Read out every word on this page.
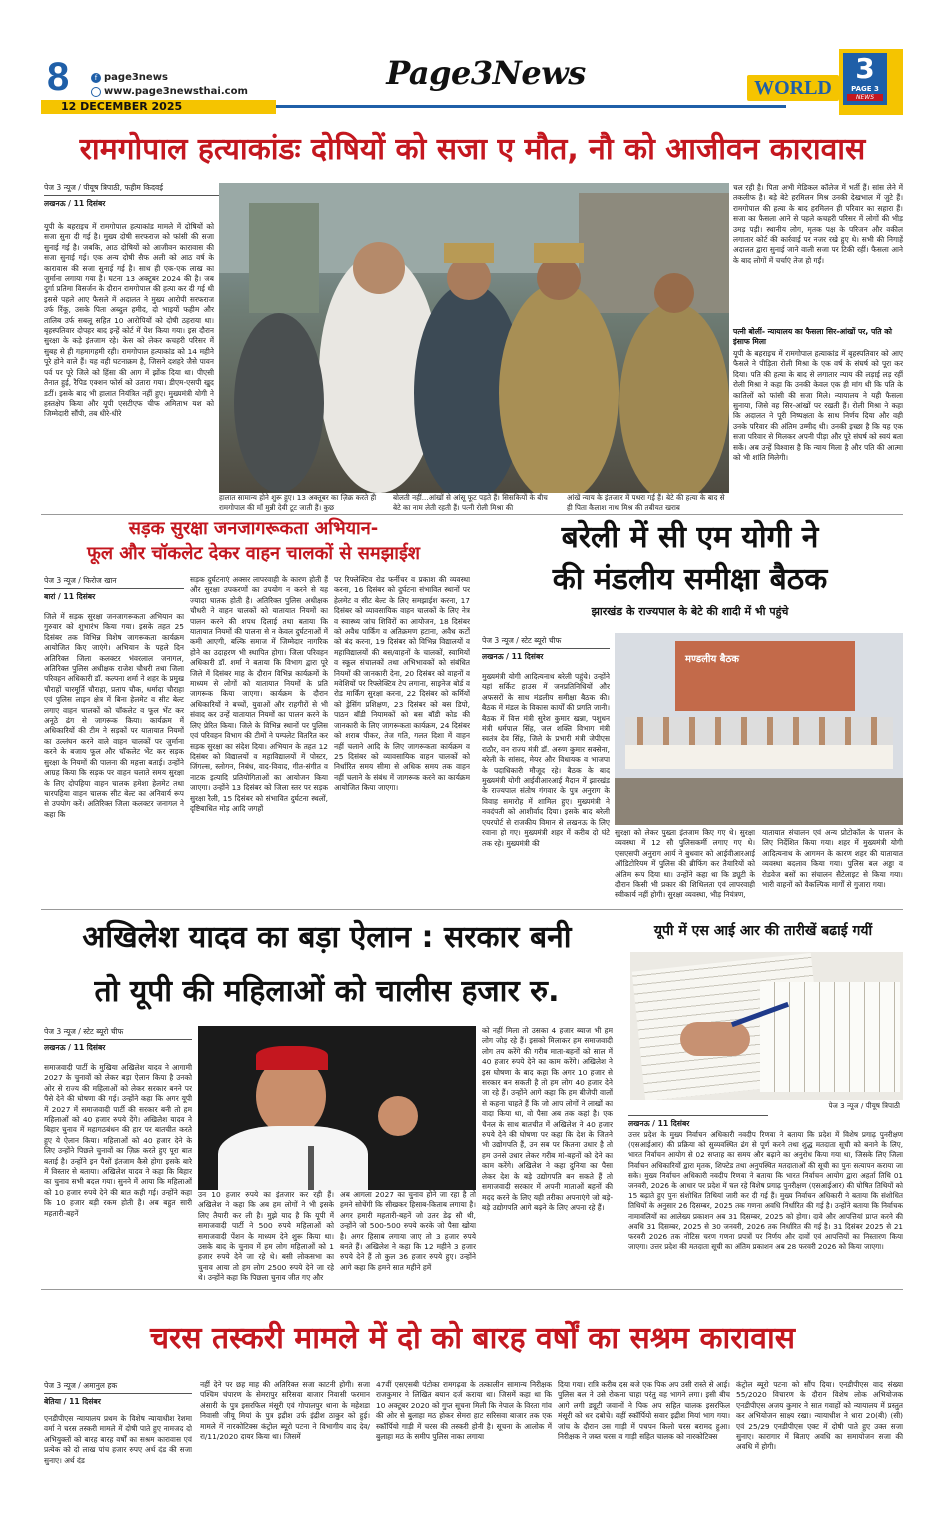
8	f page3news
www.page3newsthai.com
12 DECEMBER 2025
Page3News	WORLD
3
PAGE 3
NEWS
रामगोपाल हत्याकांडः दोषियों को सजा ए मौत, नौ को आजीवन कारावास
पेज 3 न्यूज / पीयूष त्रिपाठी, फहीम किदवई
लखनऊ / 11 दिसंबर
यूपी के बहराइच में रामगोपाल हत्याकांड मामले में दोषियों को सजा सुना दी गई है। मुख्य दोषी सरफराज को फांसी की सजा सुनाई गई है। जबकि, आठ दोषियों को आजीवन कारावास की सजा सुनाई गई। एक अन्य दोषी सैफ अली को आठ वर्ष के कारावास की सजा सुनाई गई है। साथ ही एक-एक लाख का जुर्माना लगाया गया है। घटना 13 अक्टूबर 2024 की है। जब दुर्गा प्रतिमा विसर्जन के दौरान रामगोपाल की हत्या कर दी गई थी इससे पहले आए फैसले में अदालत ने मुख्य आरोपी सरफराज उर्फ रिंकू, उसके पिता अब्दुल हमीद, दो भाइयों फहीम और तालिब उर्फ सबलू सहित 10 आरोपियों को दोषी ठहराया था। बृहस्पतिवार दोपहर बाद इन्हें कोर्ट में पेश किया गया। इस दौरान सुरक्षा के कड़े इंतजाम रहे। केस को लेकर कचहरी परिसर में सुबह से ही गहमागहमी रही। रामगोपाल हत्याकांड को 14 महीने पूरे होने वाले हैं। यह वही घटनाक्रम है, जिसने दशहरे जैसे पावन पर्व पर पूरे जिले को हिंसा की आग में झोंक दिया था। पीएसी तैनात हुई, रैपिड एक्शन फोर्स को उतारा गया। डीएम-एसपी खुद डटीं। इसके बाद भी हालात नियंत्रित नहीं हुए। मुख्यमंत्री योगी ने हस्तक्षेप किया और यूपी एसटीएफ चीफ अमिताभ यश को जिम्मेदारी सौंपी, तब धीरे-धीरे
हालात सामान्य होने शुरू हुए। 13 अक्तूबर का ज़िक्र करते ही रामगोपाल की माँ मुन्नी देवी टूट जाती हैं। कुछ
बोलती नहीं...आंखों से आंसू फूट पड़ते हैं। सिसकियों के बीच बेटे का नाम लेती रहती हैं। पत्नी रोली मिश्रा की
आंखें न्याय के इंतजार में पथरा गई हैं। बेटे की हत्या के बाद से ही पिता कैलाश नाथ मिश्र की तबीयत खराब
चल रही है। पिता अभी मेडिकल कॉलेज में भर्ती हैं। सांस लेने में तकलीफ है। बड़े बेटे हरमिलन मिश्र उनकी देखभाल में जुटे हैं। रामगोपाल की हत्या के बाद हरमिलन ही परिवार का सहारा हैं। सजा का फैसला आने से पहले कचहरी परिसर में लोगों की भीड़ उमड़ पड़ी। स्थानीय लोग, मृतक पक्ष के परिजन और वकील लगातार कोर्ट की कार्रवाई पर नजर रखे हुए थे। सभी की निगाहें अदालत द्वारा सुनाई जाने वाली सजा पर टिकी रहीं। फैसला आने के बाद लोगों में चर्चाएं तेज हो गईं।
पत्नी बोलीं- न्यायालय का फैसला सिर-आंखों पर, पति को इंसाफ मिला
यूपी के बहराइच में रामगोपाल हत्याकांड में बृहस्पतिवार को आए फैसले ने पीड़िता रोली मिश्रा के एक वर्ष के संघर्ष को पूरा कर दिया। पति की हत्या के बाद से लगातार न्याय की लड़ाई लड़ रहीं रोली मिश्रा ने कहा कि उनकी केवल एक ही मांग थी कि पति के कातिलों को फांसी की सजा मिले। न्यायालय ने यही फैसला सुनाया, जिसे वह सिर-आंखों पर रखती हैं। रोली मिश्रा ने कहा कि अदालत ने पूरी निष्पक्षता के साथ निर्णय दिया और वही उनके परिवार की अंतिम उम्मीद थी। उनकी इच्छा है कि यह एक सजा परिवार से मिलकर अपनी पीड़ा और पूरे संघर्ष को स्वयं बता सकें। अब उन्हें विश्वास है कि न्याय मिला है और पति की आत्मा को भी शांति मिलेगी।
सड़क सुरक्षा जनजागरूकता अभियान-
फूल और चॉकलेट देकर वाहन चालकों से समझाईश
पेज 3 न्यूज / फिरोज खान
बारां / 11 दिसंबर
जिले में सड़क सुरक्षा जनजागरूकता अभियान का गुरुवार को शुभारंभ किया गया। इसके तहत 25 दिसंबर तक विभिन्न विशेष जागरूकता कार्यक्रम आयोजित किए जाएंगे। अभियान के पहले दिन अतिरिक्त जिला कलक्टर भंवरलाल जनागल, अतिरिक्त पुलिस अधीक्षक राजेश चौधरी तथा जिला परिवहन अधिकारी डॉ. कल्पना शर्मा ने शहर के प्रमुख चौराहों चारमूर्ति चौराहा, प्रताप चौक, धर्मादा चौराहा एवं पुलिस लाइन क्षेत्र में बिना हेलमेट व सीट बेल्ट लगाए वाहन चालकों को चॉकलेट व फूल भेंट कर अनूठे ढंग से जागरूक किया। कार्यक्रम में अधिकारियों की टीम ने सड़कों पर यातायात नियमों का उल्लंघन करने वाले वाहन चालकों पर जुर्माना करने के बजाय फूल और चॉकलेट भेंट कर सड़क सुरक्षा के नियमों की पालना की महत्ता बताई। उन्होंने आग्रह किया कि सड़क पर वाहन चलाते समय सुरक्षा के लिए दोपहिया वाहन चालक हमेशा हेलमेट तथा चारपहिया वाहन चालक सीट बेल्ट का अनिवार्य रूप से उपयोग करें। अतिरिक्त जिला कलक्टर जनागल ने कहा कि
सड़क दुर्घटनाएं अक्सर लापरवाही के कारण होती हैं और सुरक्षा उपकरणों का उपयोग न करने से यह ज्यादा घातक होती है। अतिरिक्त पुलिस अधीक्षक चौधरी ने वाहन चालकों को यातायात नियमों का पालन करने की शपथ दिलाई तथा बताया कि यातायात नियमों की पालना से न केवल दुर्घटनाओं में कमी आएगी, बल्कि समाज में जिम्मेदार नागरिक होने का उदाहरण भी स्थापित होगा। जिला परिवहन अधिकारी डॉ. शर्मा ने बताया कि विभाग द्वारा पूरे जिले में दिसंबर माह के दौरान विभिन्न कार्यक्रमों के माध्यम से लोगों को यातायात नियमों के प्रति जागरूक किया जाएगा। कार्यक्रम के दौरान अधिकारियों ने बच्चों, युवाओं और राहगीरों से भी संवाद कर उन्हें यातायात नियमों का पालन करने के लिए प्रेरित किया। जिले के विभिन्न स्थानों पर पुलिस एवं परिवहन विभाग की टीमों ने पम्पलेट वितरित कर सड़क सुरक्षा का संदेश दिया। अभियान के तहत 12 दिसंबर को विद्यालयों व महाविद्यालयों में पोस्टर, जिंगल्स, स्लोगन, निबंध, वाद-विवाद, गीत-संगीत व नाटक इत्यादि प्रतियोगिताओं का आयोजन किया जाएगा। उन्होंने 13 दिसंबर को जिला स्तर पर सड़क सुरक्षा रैली, 15 दिसंबर को संभावित दुर्घटना स्थलों, दृष्टिबाधित मोड़ आदि जगहों
पर रिफ्लेक्टिव रोड फर्नीचर व प्रकाश की व्यवस्था करना, 16 दिसंबर को दुर्घटना संभावित स्थानों पर हेलमेट व सीट बेल्ट के लिए समझाईश करना, 17 दिसंबर को व्यावसायिक वाहन चालकों के लिए नेत्र व स्वास्थ्य जांच शिविरों का आयोजन, 18 दिसंबर को अवैध पार्किंग व अतिक्रमण हटाना, अवैध कटों को बंद करना, 19 दिसंबर को विभिन्न विद्यालयों व महाविद्यालयों की बस/वाहनों के चालकों, स्वामियों व स्कूल संचालकों तथा अभिभावकों को संबंधित नियमों की जानकारी देना, 20 दिसंबर को वाहनों व मवेशियों पर रिफ्लेक्टिव टेप लगाना, साइनेज बोर्ड व रोड मार्किंग सुरक्षा करना, 22 दिसंबर को कर्मियों को ड्रेसिंग प्रशिक्षण, 23 दिसंबर को बस डिपो, पाठन बॉडी नियामकों को बस बॉडी कोड की जानकारी के लिए जागरूकता कार्यक्रम, 24 दिसंबर को शराब पीकर, तेज गति, गलत दिशा में वाहन नहीं चलाने आदि के लिए जागरूकता कार्यक्रम व 25 दिसंबर को व्यावसायिक वाहन चालकों को निर्धारित समय सीमा से अधिक समय तक वाहन नहीं चलाने के संबंध में जागरूक करने का कार्यक्रम आयोजित किया जाएगा।
बरेली में सी एम योगी ने
की मंडलीय समीक्षा बैठक
झारखंड के राज्यपाल के बेटे की शादी में भी पहुंचे
पेज 3 न्यूज / स्टेट ब्यूरो चीफ
लखनऊ / 11 दिसंबर
मुख्यमंत्री योगी आदित्यनाथ बरेली पहुंचे। उन्होंने यहां सर्किट हाउस में जनप्रतिनिधियों और अफसरों के साथ मंडलीय समीक्षा बैठक की। बैठक में मंडल के विकास कार्यों की प्रगति जानी। बैठक में वित्त मंत्री सुरेश कुमार खन्ना, पशुधन मंत्री धर्मपाल सिंह, जल शक्ति विभाग मंत्री स्वतंत्र देव सिंह, जिले के प्रभारी मंत्री जेपीएस राठौर, वन राज्य मंत्री डॉ. अरुण कुमार सक्सेना, बरेली के सांसद, मेयर और विधायक व भाजपा के पदाधिकारी मौजूद रहे। बैठक के बाद मुख्यमंत्री योगी आईवीआरआई मैदान में झारखंड के राज्यपाल संतोष गंगवार के पुत्र अनुराग के विवाह समारोह में शामिल हुए। मुख्यमंत्री ने नवदंपती को आशीर्वाद दिया। इसके बाद बरेली एयरपोर्ट से राजकीय विमान से लखनऊ के लिए रवाना हो गए। मुख्यमंत्री शहर में करीब दो घंटे तक रहे। मुख्यमंत्री की
मण्डलीय बैठक
सुरक्षा को लेकर पुख्ता इंतजाम किए गए थे। सुरक्षा व्यवस्था में 12 सौ पुलिसकर्मी लगाए गए थे। एसएसपी अनुराग आर्य ने बुधवार को आईवीआरआई ऑडिटोरियम में पुलिस की ब्रीफिंग कर तैयारियों को अंतिम रूप दिया था। उन्होंने कहा था कि ड्यूटी के दौरान किसी भी प्रकार की शिथिलता एवं लापरवाही स्वीकार्य नहीं होगी। सुरक्षा व्यवस्था, भीड़ नियंत्रण,
यातायात संचालन एवं अन्य प्रोटोकॉल के पालन के लिए निर्देशित किया गया। शहर में मुख्यमंत्री योगी आदित्यनाथ के आगमन के कारण शहर की यातायात व्यवस्था बदलाव किया गया। पुलिस बल अड्डा व रोडवेज बसों का संचालन सैटेलाइट से किया गया। भारी वाहनों को वैकल्पिक मार्गों से गुजारा गया।
अखिलेश यादव का बड़ा ऐलान : सरकार बनी
तो यूपी की महिलाओं को चालीस हजार रु.
पेज 3 न्यूज / स्टेट ब्यूरो चीफ
लखनऊ / 11 दिसंबर
समाजवादी पार्टी के मुखिया अखिलेश यादव ने आगामी 2027 के चुनावों को लेकर बड़ा ऐलान किया है उनको ओर से राज्य की महिलाओं को लेकर सरकार बनने पर पैसे देने की घोषणा की गई। उन्होंने कहा कि अगर यूपी में 2027 में समाजवादी पार्टी की सरकार बनी तो हम महिलाओं को 40 हजार रुपये देंगे। अखिलेश यादव ने बिहार चुनाव में महागठबंधन की हार पर बातचीत करते हुए ये ऐलान किया। महिलाओं को 40 हजार देने के लिए उन्होंने पिछले चुनावों का ज़िक्र करते हुए पूरा बात बताई है। उन्होंने इन पैसों इंतजाम कैसे होगा इसके बारे में विस्तार से बताया। अखिलेश यादव ने कहा कि बिहार का चुनाव सभी बदल गया। सुनने में आया कि महिलाओं को 10 हजार रुपये देने की बात कही गई। उन्होंने कहा कि 10 हजार बड़ी रकम होती है। अब बहुत सारी महतारी-बहनें
उन 10 हजार रुपये का इंतजार कर रही हैं। अखिलेश ने कहा कि अब हम लोगों ने भी इसके लिए तैयारी कर ली है। मुझे याद है कि यूपी में समाजवादी पार्टी ने 500 रुपये महिलाओं को समाजवादी पेंशन के माध्यम देने शुरू किया था। उसके बाद के चुनाव में हम लोग महिलाओं को 1 हजार रुपये देने जा रहे थे। बसी लोकसभा का चुनाव आया तो हम लोग 2500 रुपये देने जा रहे थे। उन्होंने कहा कि पिछला चुनाव जीत गए और
अब आगला 2027 का चुनाव होने जा रहा है तो हमने सोचेंगी कि सीखकर हिसाब-किताब लगाया है। अगर हमारी महतारी-बहनें जो उतर डेढ़ सौ थी, उन्होंने जो 500-500 रुपये करके जो पैसा खोया है। अगर हिसाब लगाया जाए तो 3 हजार रुपये बनते हैं। अखिलेश ने कहा कि 12 महीने 3 हजार रुपये देने हैं तो कुल 36 हजार रुपये हुए। उन्होंने आगे कहा कि हमने सात महीने हमें
को नहीं मिला तो उसका 4 हजार ब्याज भी हम लोग जोड़ रहे हैं। इसको मिलाकर हम समाजवादी लोग तय करेंगे की गरीब माता-बहनों को साल में 40 हजार रुपये देने का काम करेंगे। अखिलेश ने इस घोषणा के बाद कहा कि अगर 10 हजार से सरकार बन सकती है तो हम लोग 40 हजार देने जा रहे हैं। उन्होंने आगे कहा कि हम बीजेपी वालों से कहना चाहते हैं कि जो आप लोगों ने लाखों का वादा किया था, वो पैसा अब तक कहां है। एक चैनल के साथ बातचीत में अखिलेश ने 40 हजार रुपये देने की घोषणा पर कहा कि देश के जितने भी उद्योगपति हैं, उन सब पर कितना उधार है तो हम उनसे उधार लेकर गरीब मां-बहनों को देने का काम करेंगे। अखिलेश ने कहा दुनिया का पैसा लेकर देश के बड़े उद्योगपति बन सकते हैं तो समाजवादी सरकार में अपनी माताओं बहनों की मदद करने के लिए यही तरीका अपनाएंगे जो बड़े-बड़े उद्योगपति आगे बढ़ने के लिए अपना रहे हैं।
यूपी में एस आई आर की तारीखें बढाई गयीं
पेज 3 न्यूज / पीयूष त्रिपाठी
लखनऊ / 11 दिसंबर
उत्तर प्रदेश के मुख्य निर्वाचन अधिकारी नवदीप रिणवा ने बताया कि प्रदेश में विशेष प्रगाढ़ पुनरीक्षण (एसआईआर) की प्रक्रिया को सुव्यवस्थित ढंग से पूर्ण करने तथा शुद्ध मतदाता सूची को बनाने के लिए, भारत निर्वाचन आयोग से 02 सप्ताह का समय और बढ़ाने का अनुरोध किया गया था, जिसके लिए जिला निर्वाचन अधिकारियों द्वारा मृतक, शिफ्टेड तथा अनुपस्थित मतदाताओं की सूची का पुनः सत्यापन कराया जा सके। मुख्य निर्वाचन अधिकारी नवदीप रिणवा ने बताया कि भारत निर्वाचन आयोग द्वारा अहर्ता तिथि 01 जनवरी, 2026 के आधार पर प्रदेश में चल रहे विशेष प्रगाढ़ पुनरीक्षण (एसआईआर) की घोषित तिथियों को 15 बढ़ाते हुए पुनः संशोधित तिथियां जारी कर दी गई हैं। मुख्य निर्वाचन अधिकारी ने बताया कि संशोधित तिथियों के अनुसार 26 दिसम्बर, 2025 तक गणना अवधि निर्धारित की गई है। उन्होंने बताया कि निर्वाचक नामावलियों का आलेख्य प्रकाशन अब 31 दिसम्बर, 2025 को होगा। दावे और आपत्तियां प्राप्त करने की अवधि 31 दिसम्बर, 2025 से 30 जनवरी, 2026 तक निर्धारित की गई है। 31 दिसंबर 2025 से 21 फरवरी 2026 तक नोटिस चरण गणना प्रपत्रों पर निर्णय और दावों एवं आपत्तियों का निस्तारण किया जाएगा। उत्तर प्रदेश की मतदाता सूची का अंतिम प्रकाशन अब 28 फरवरी 2026 को किया जाएगा।
चरस तस्करी मामले में दो को बारह वर्षों का सश्रम कारावास
पेज 3 न्यूज / अमानुल हक
बेतिया / 11 दिसंबर
एनडीपीएस न्यायालय प्रथम के विशेष न्यायाधीश रेशमा वर्मा ने चरस तस्करी मामले में दोषी पाते हुए नामजद दो अभियुक्तों को बारह बारह वर्षों का सश्रम कारावास एवं प्रत्येक को दो लाख पांच हजार रुपए अर्थ दंड की सजा सुनाए। अर्थ दंड
नहीं देने पर छह माह की अतिरिक्त सजा काटनी होगी। सजा पश्चिम चंपारण के सेमरापुर सरिसवा बाजार निवासी फरमान अंसारी के पुत्र इसरफिल मंसूरी एवं गोपालपुर थाना के महेशडा निवासी जीयू मियां के पुत्र इद्रीश उर्फ इंद्रीश ठाकुर को हुई। मामले में नारकोटिक्स कंट्रोल ब्यूरो पटना ने विभागीय वाद देव/रा/11/2020 दायर किया था। जिसमें
47वीं एसएसबी पंटोका रामगढ़वा के तत्कालीन सामान्य निरीक्षक राजकुमार ने लिखित बयान दर्ज कराया था। जिसमें कहा था कि 10 अक्टूबर 2020 को गुप्त सूचना मिली कि नेपाल के विरता गांव की ओर से बुलाहा मठ होकर सेमरा हाट सरिसवा बाजार तक एक स्कॉर्पियो गाड़ी में चरस की तस्करी होनी है। सूचना के आलोक में बुलाहा मठ के समीप पुलिस नाका लगाया
दिया गया। रात्रि करीब दस बजे एक पिक अप उसी रास्ते से आई। पुलिस बल ने उसे रोकना चाहा परंतु वह भागने लगा। इसी बीच आगे लगी ड्यूटी जवानों ने पिक अप सहित चालक इसरफिल मंसूरी को धर दबोचे। वहीं स्कॉर्पियो सवार इद्रीश मियां भाग गया। जांच के दौरान उस गाड़ी में पचपन किलो चरस बरामद हुआ। निरीक्षक ने जब्त चरस व गाड़ी सहित चालक को नारकोटिक्स
कंट्रोल ब्यूरो पटना को सौंप दिया। एनडीपीएस वाद संख्या 55/2020 विचारण के दौरान विशेष लोक अभियोजक एनडीपीएस अजय कुमार ने सात गवाहों को न्यायालय में प्रस्तुत कर अभियोजन साक्ष्य रखा। न्यायाधीश ने धारा 20(बी) (सी) एवं 25/29 एनडीपीएस एक्ट में दोषी पाते हुए उक्त सजा सुनाए। कारागार में बिताए अवधि का समायोजन सजा की अवधि में होगी।
